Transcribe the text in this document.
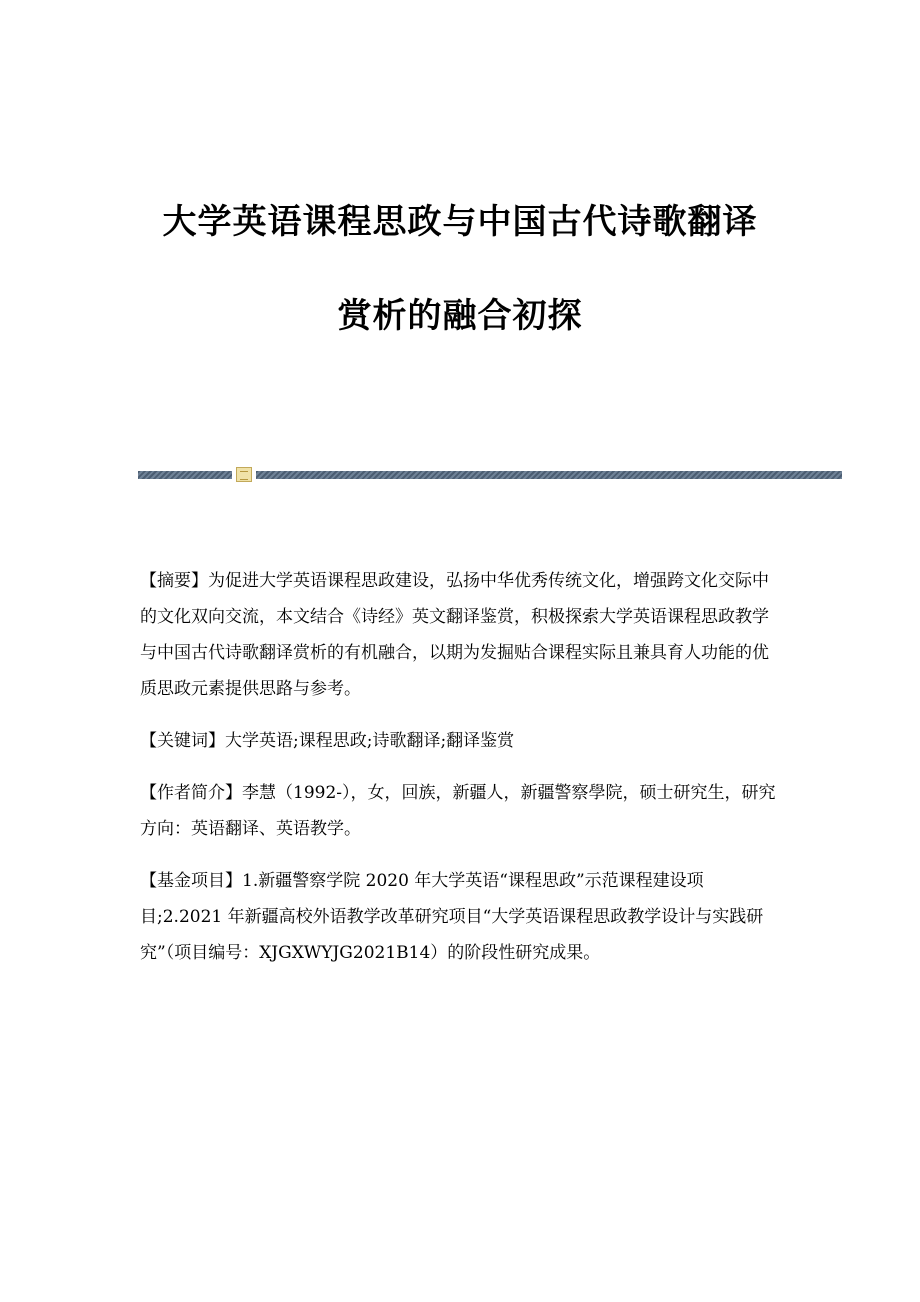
大学英语课程思政与中国古代诗歌翻译
赏析的融合初探

【摘要】为促进大学英语课程思政建设，弘扬中华优秀传统文化，增强跨文化交际中的文化双向交流，本文结合《诗经》英文翻译鉴赏，积极探索大学英语课程思政教学与中国古代诗歌翻译赏析的有机融合，以期为发掘贴合课程实际且兼具育人功能的优质思政元素提供思路与参考。

【关键词】大学英语;课程思政;诗歌翻译;翻译鉴赏

【作者简介】李慧（1992-），女，回族，新疆人，新疆警察學院，硕士研究生，研究方向：英语翻译、英语教学。

【基金项目】1.新疆警察学院 2020 年大学英语“课程思政”示范课程建设项目;2.2021 年新疆高校外语教学改革研究项目“大学英语课程思政教学设计与实践研究”（项目编号：XJGXWYJG2021B14）的阶段性研究成果。
